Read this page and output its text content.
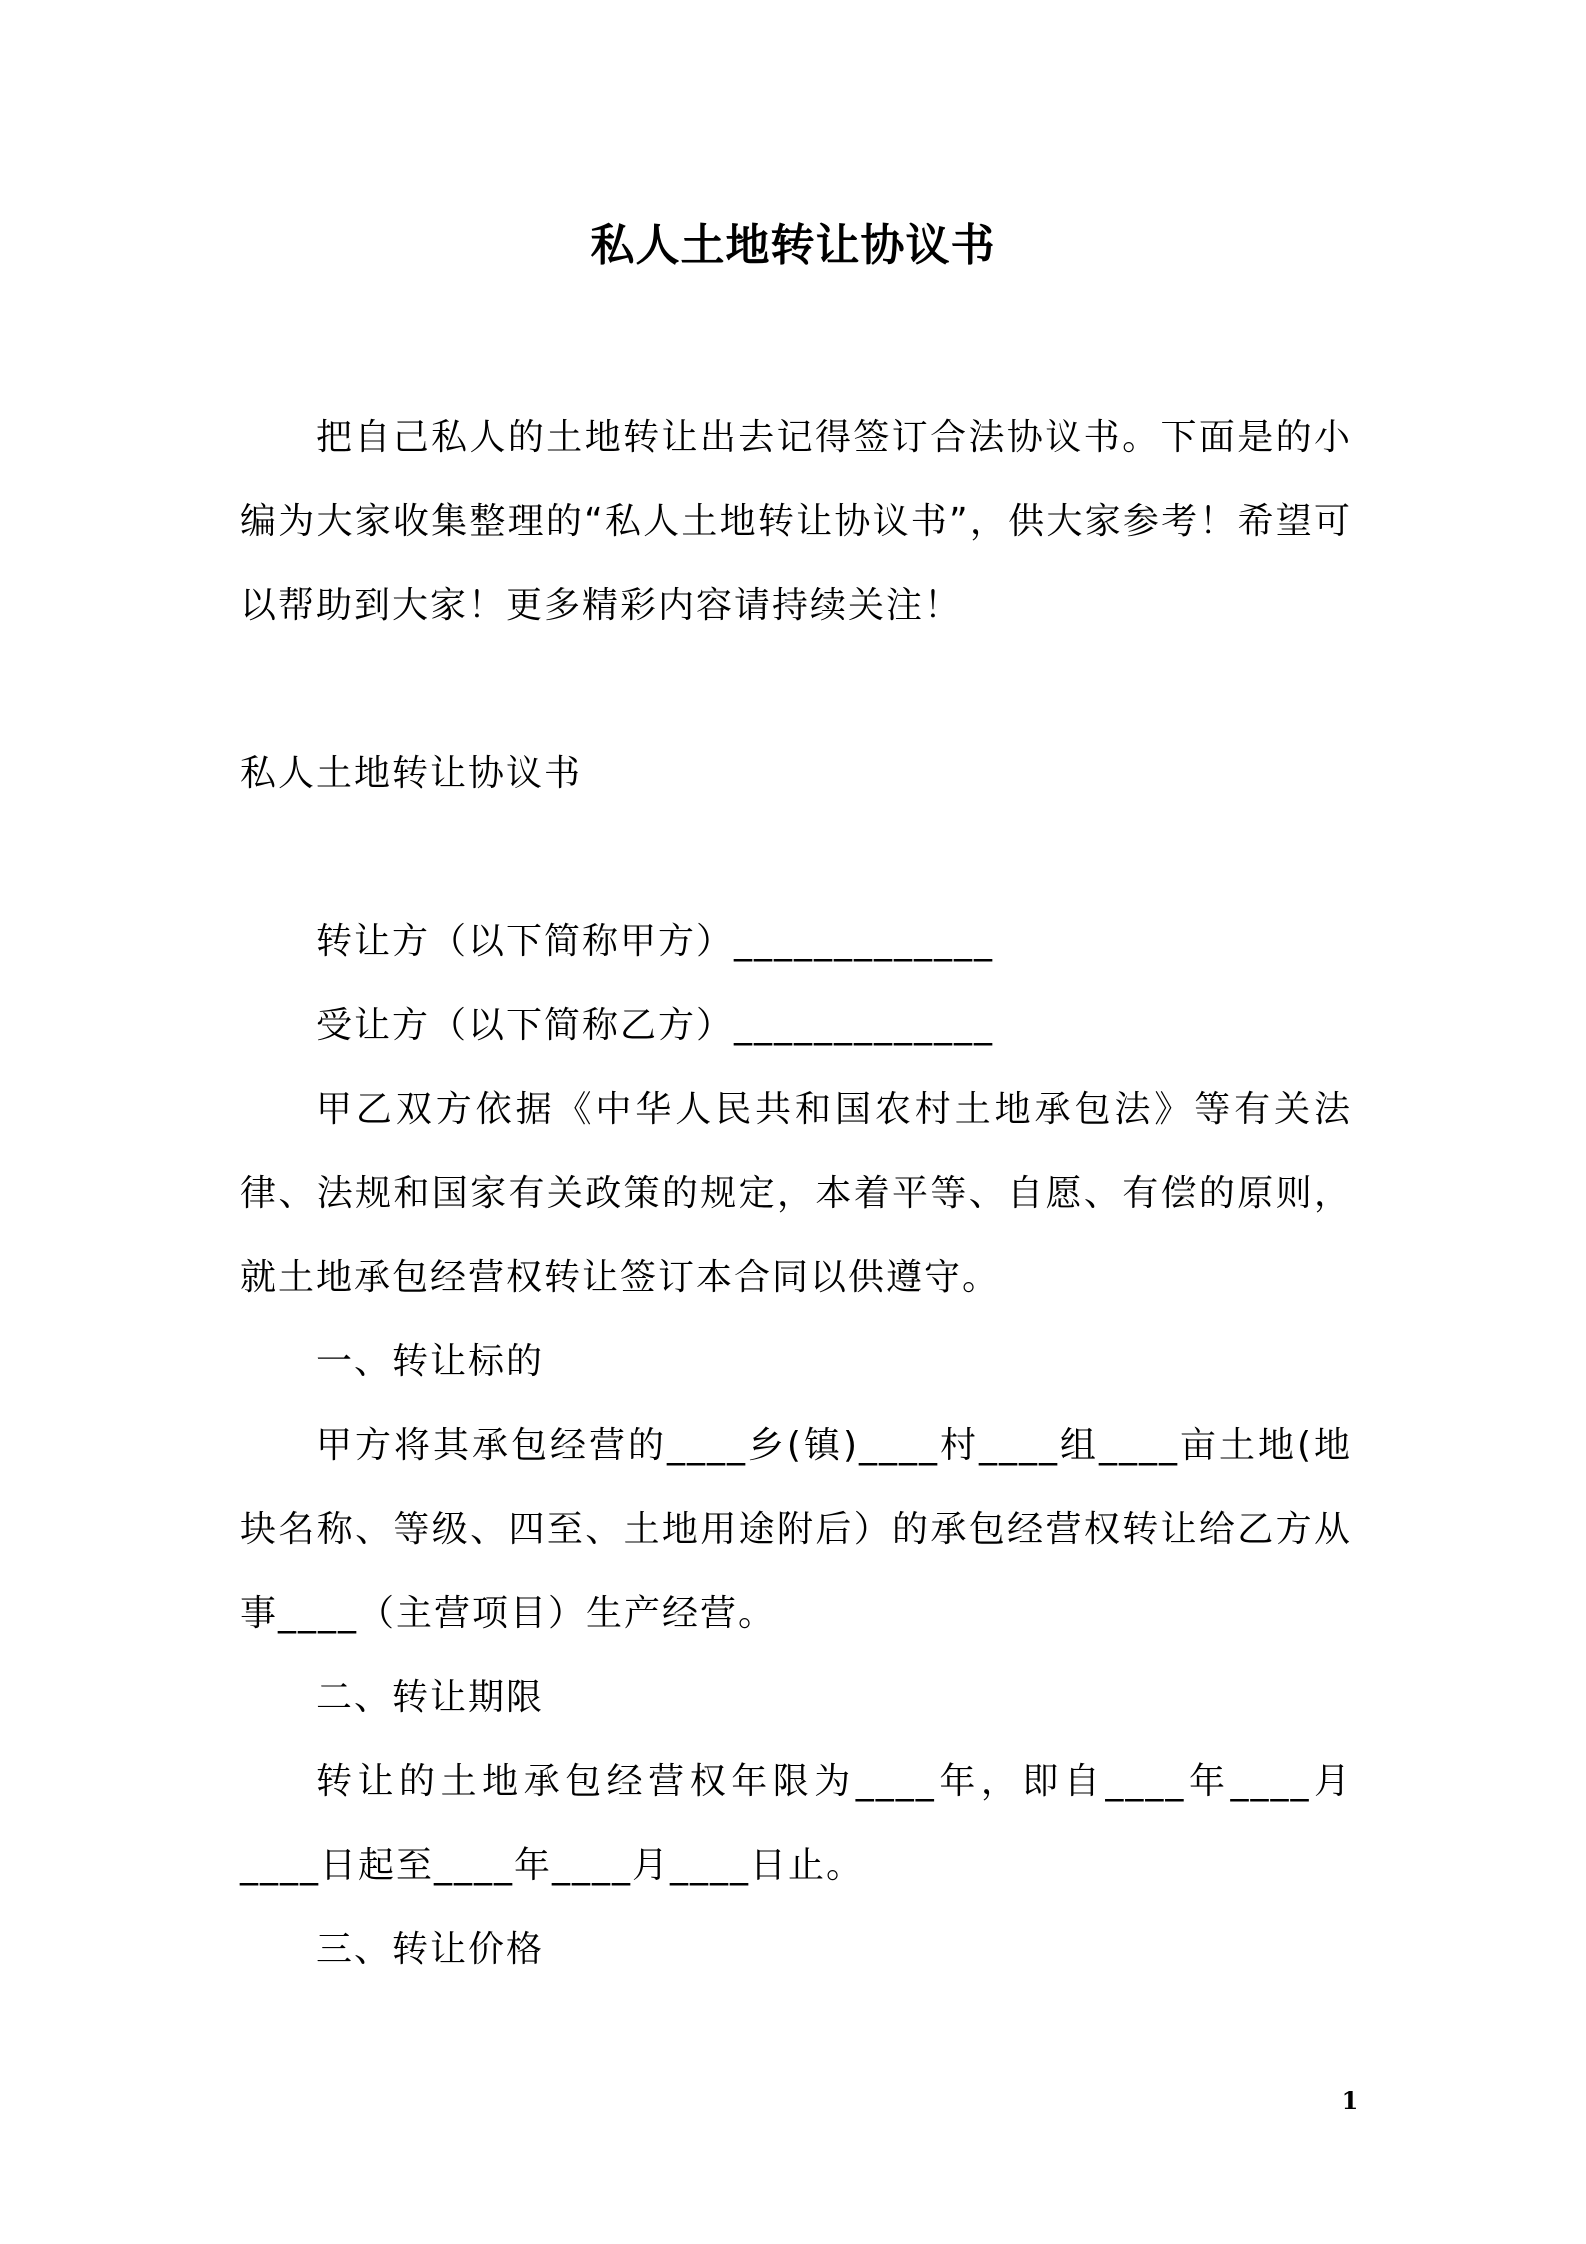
私人土地转让协议书

把自己私人的土地转让出去记得签订合法协议书。下面是的小编为大家收集整理的“私人土地转让协议书”，供大家参考！希望可以帮助到大家！更多精彩内容请持续关注！

私人土地转让协议书

转让方（以下简称甲方）_____________

受让方（以下简称乙方）_____________

甲乙双方依据《中华人民共和国农村土地承包法》等有关法律、法规和国家有关政策的规定，本着平等、自愿、有偿的原则，就土地承包经营权转让签订本合同以供遵守。

一、转让标的

甲方将其承包经营的____乡(镇)____村____组____亩土地(地块名称、等级、四至、土地用途附后）的承包经营权转让给乙方从事____（主营项目）生产经营。

二、转让期限

转让的土地承包经营权年限为____年，即自____年____月____日起至____年____月____日止。

三、转让价格

1
